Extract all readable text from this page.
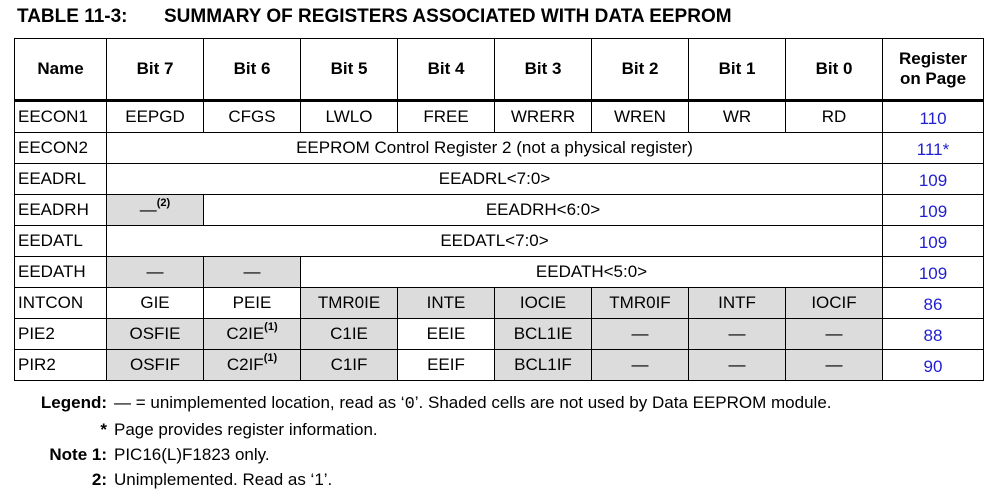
TABLE 11-3: SUMMARY OF REGISTERS ASSOCIATED WITH DATA EEPROM
Name	Bit 7	Bit 6	Bit 5	Bit 4	Bit 3	Bit 2	Bit 1	Bit 0	Register
on Page
EECON1	EEPGD	CFGS	LWLO	FREE	WRERR	WREN	WR	RD	110
EECON2	EEPROM Control Register 2 (not a physical register)								111*
EEADRL	EEADRL<7:0>								109
EEADRH	—$^{(2)}$	EEADRH<6:0>							109
EEDATL	EEDATL<7:0>								109
EEDATH	—	—	EEDATH<5:0>						109
INTCON	GIE	PEIE	TMR0IE	INTE	IOCIE	TMR0IF	INTF	IOCIF	86
PIE2	OSFIE	C2IE$^{(1)}$	C1IE	EEIE	BCL1IE	—	—	—	88
PIR2	OSFIF	C2IF$^{(1)}$	C1IF	EEIF	BCL1IF	—	—	—	90
Legend: — = unimplemented location, read as ‘0’. Shaded cells are not used by Data EEPROM module.
* Page provides register information.
Note 1: PIC16(L)F1823 only.
2: Unimplemented. Read as ‘1’.
